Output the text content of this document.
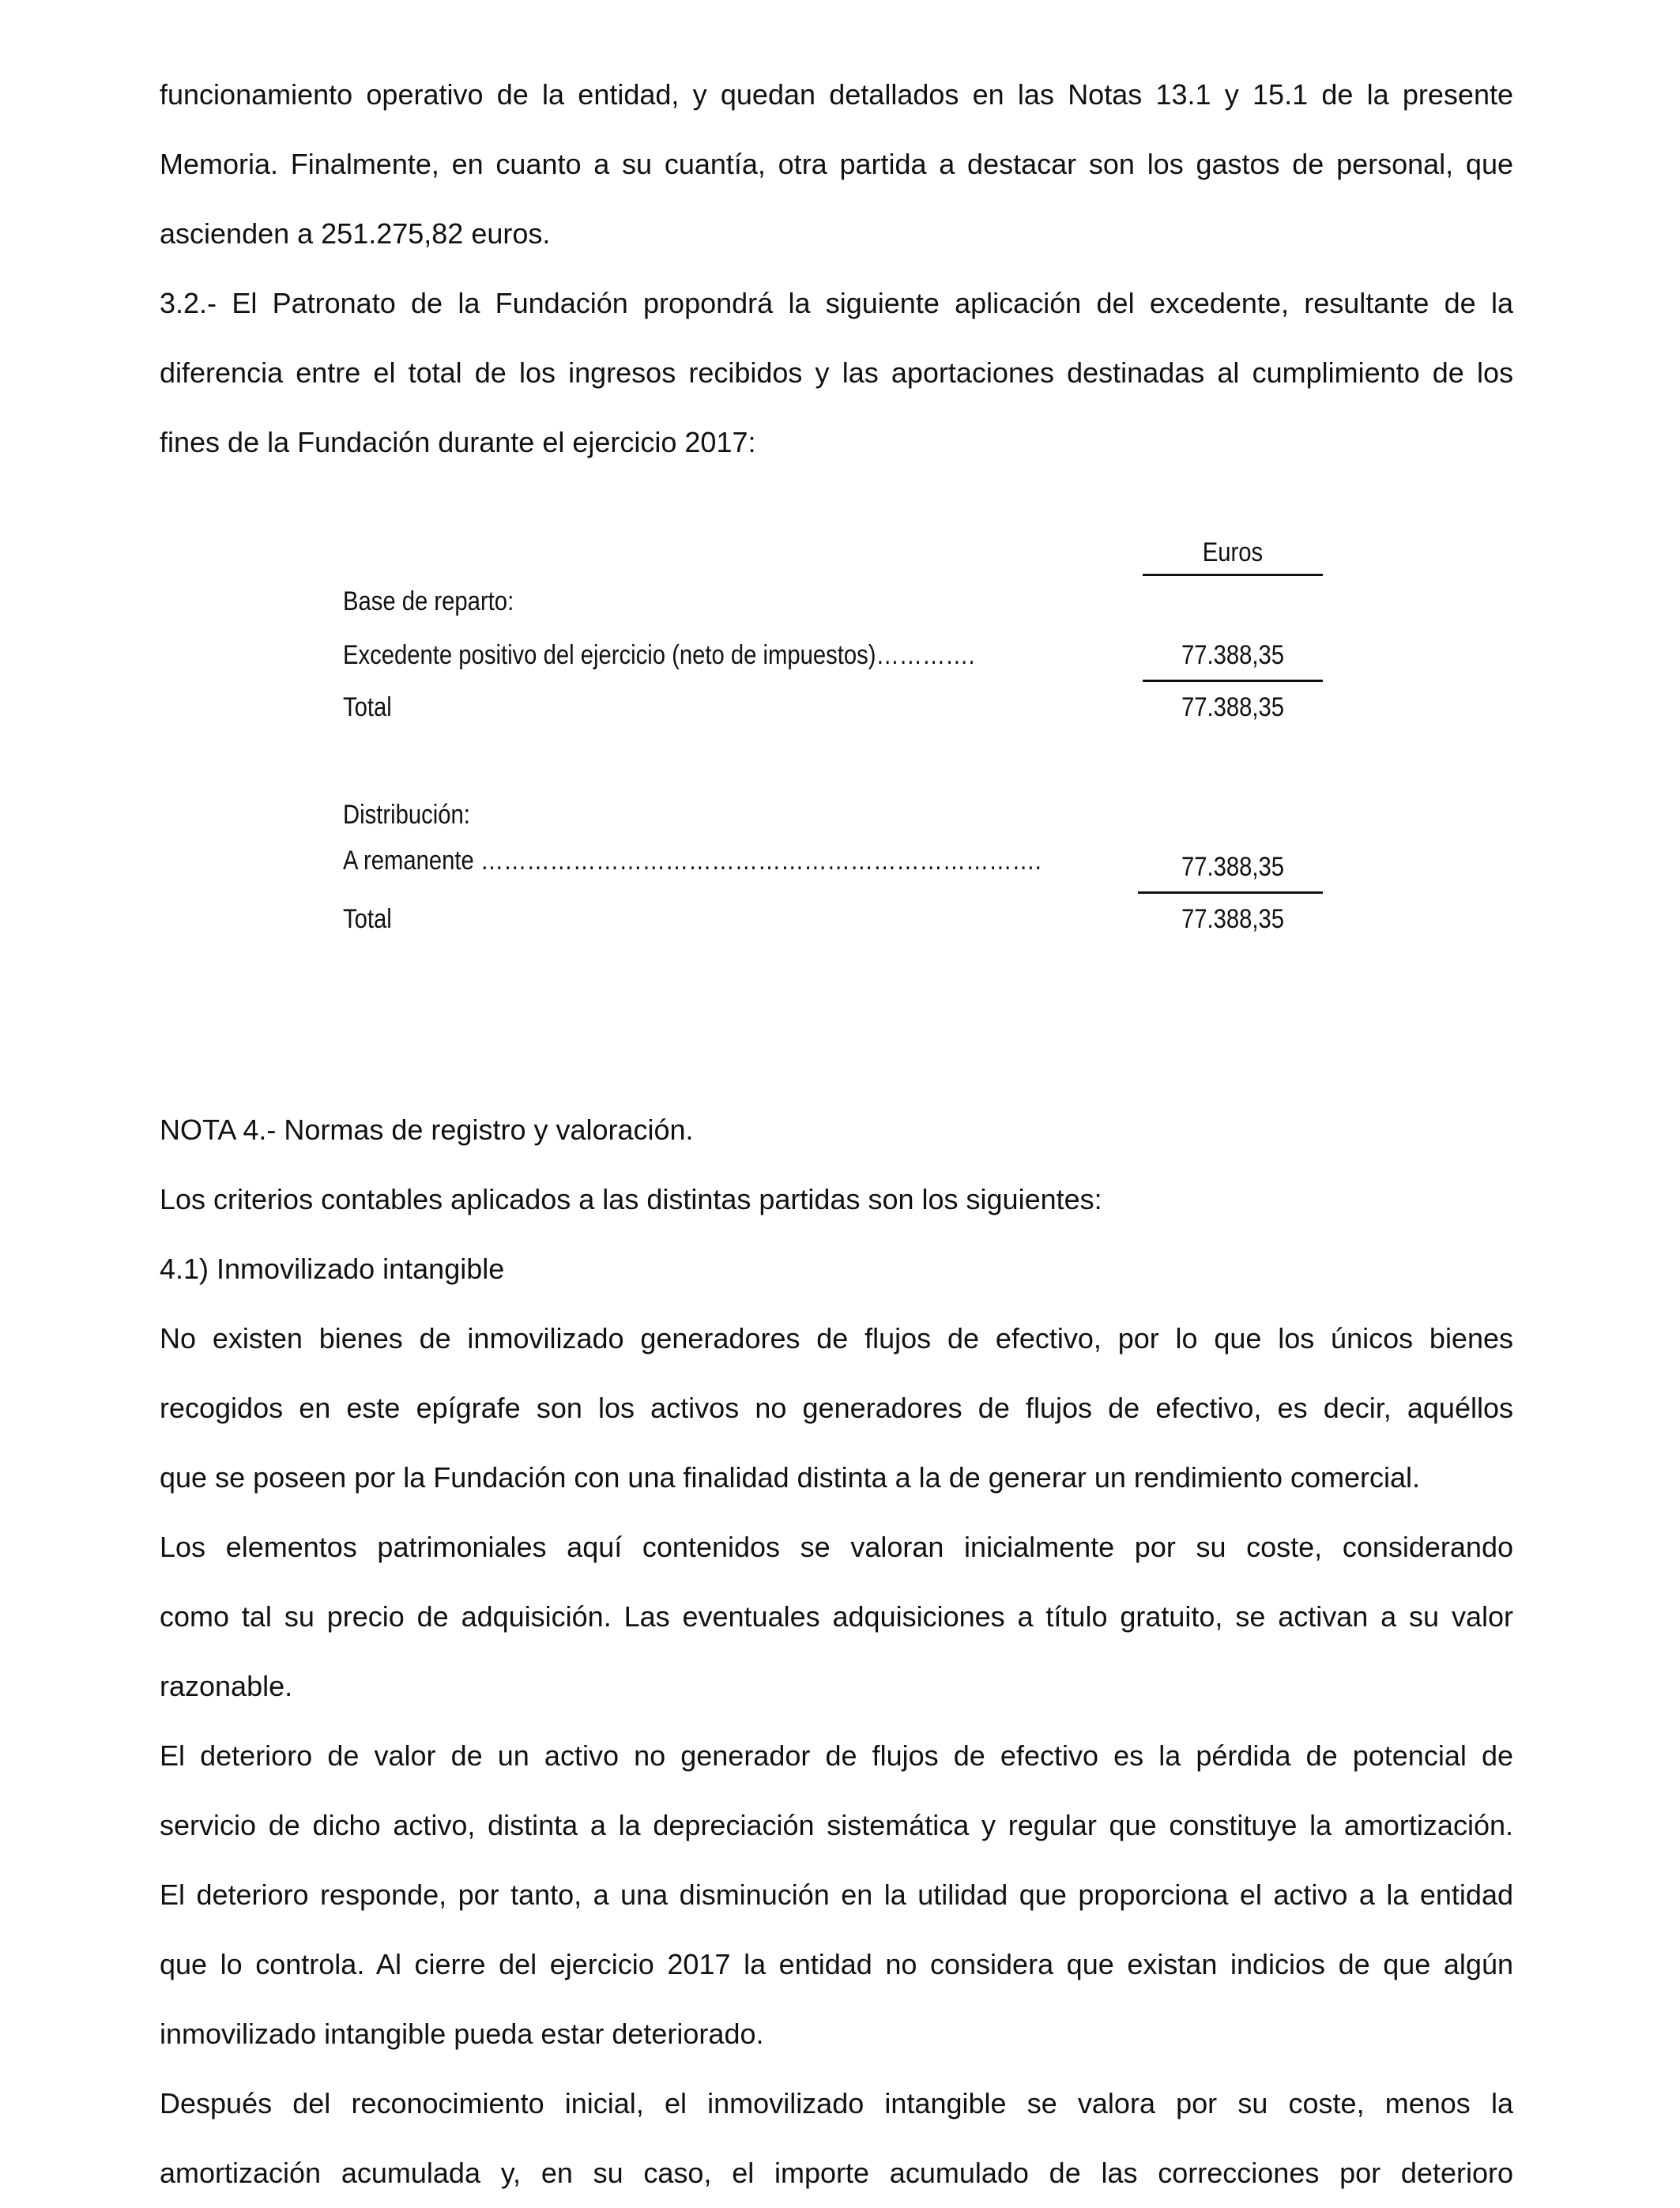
funcionamiento operativo de la entidad, y quedan detallados en las Notas 13.1 y 15.1 de la presente

Memoria. Finalmente, en cuanto a su cuantía, otra partida a destacar son los gastos de personal, que

ascienden a 251.275,82 euros.

3.2.- El Patronato de la Fundación propondrá la siguiente aplicación del excedente, resultante de la

diferencia entre el total de los ingresos recibidos y las aportaciones destinadas al cumplimiento de los

fines de la Fundación durante el ejercicio 2017:

NOTA 4.- Normas de registro y valoración.

Los criterios contables aplicados a las distintas partidas son los siguientes:

4.1) Inmovilizado intangible

No existen bienes de inmovilizado generadores de flujos de efectivo, por lo que los únicos bienes

recogidos en este epígrafe son los activos no generadores de flujos de efectivo, es decir, aquéllos

que se poseen por la Fundación con una finalidad distinta a la de generar un rendimiento comercial.

Los elementos patrimoniales aquí contenidos se valoran inicialmente por su coste, considerando

como tal su precio de adquisición. Las eventuales adquisiciones a título gratuito, se activan a su valor

razonable.

El deterioro de valor de un activo no generador de flujos de efectivo es la pérdida de potencial de

servicio de dicho activo, distinta a la depreciación sistemática y regular que constituye la amortización.

El deterioro responde, por tanto, a una disminución en la utilidad que proporciona el activo a la entidad

que lo controla. Al cierre del ejercicio 2017 la entidad no considera que existan indicios de que algún

inmovilizado intangible pueda estar deteriorado.

Después del reconocimiento inicial, el inmovilizado intangible se valora por su coste, menos la

amortización acumulada y, en su caso, el importe acumulado de las correcciones por deterioro

Euros
Base de reparto:
Excedente positivo del ejercicio (neto de impuestos)………….	77.388,35
Total	77.388,35
Distribución:
A remanente ……………………………………………………………….	77.388,35
Total	77.388,35
